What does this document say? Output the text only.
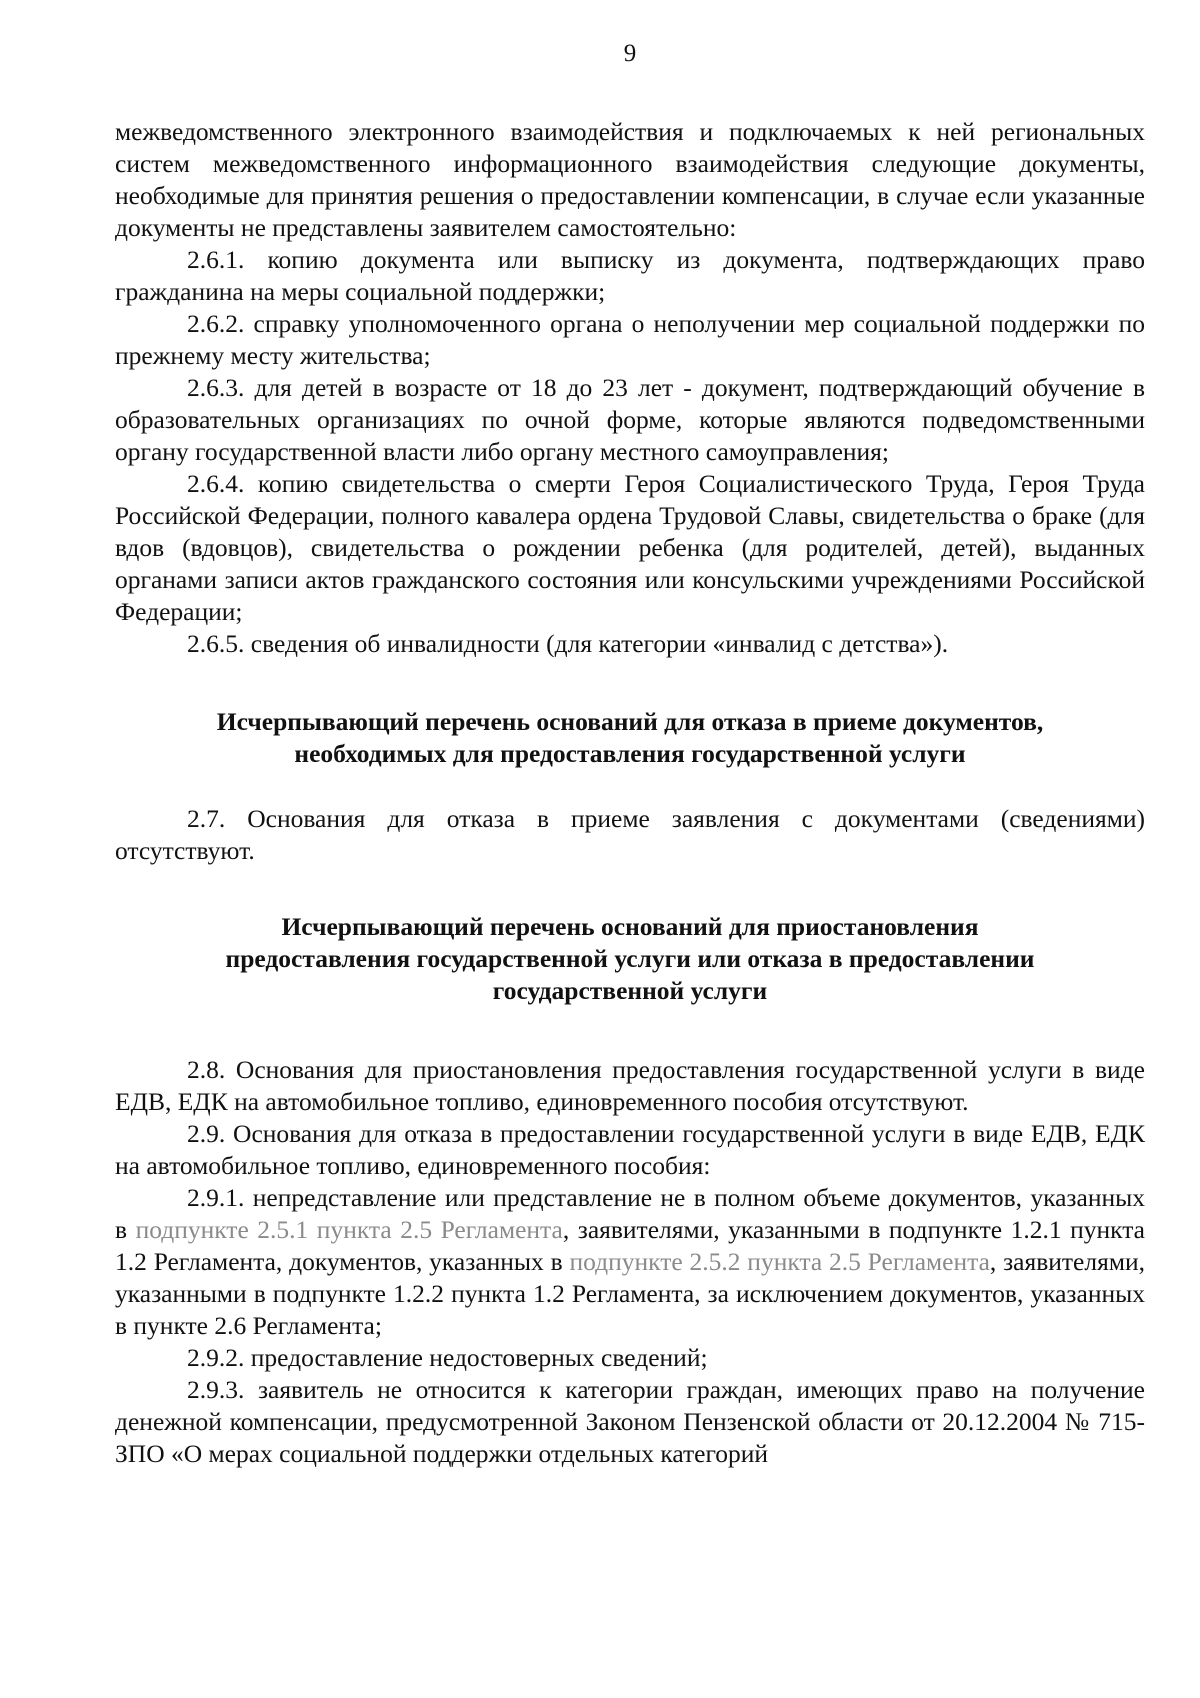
9

межведомственного электронного взаимодействия и подключаемых к ней региональных систем межведомственного информационного взаимодействия следующие документы, необходимые для принятия решения о предоставлении компенсации, в случае если указанные документы не представлены заявителем самостоятельно:

2.6.1. копию документа или выписку из документа, подтверждающих право гражданина на меры социальной поддержки;

2.6.2. справку уполномоченного органа о неполучении мер социальной поддержки по прежнему месту жительства;

2.6.3. для детей в возрасте от 18 до 23 лет - документ, подтверждающий обучение в образовательных организациях по очной форме, которые являются подведомственными органу государственной власти либо органу местного самоуправления;

2.6.4. копию свидетельства о смерти Героя Социалистического Труда, Героя Труда Российской Федерации, полного кавалера ордена Трудовой Славы, свидетельства о браке (для вдов (вдовцов), свидетельства о рождении ребенка (для родителей, детей), выданных органами записи актов гражданского состояния или консульскими учреждениями Российской Федерации;

2.6.5. сведения об инвалидности (для категории «инвалид с детства»).

Исчерпывающий перечень оснований для отказа в приеме документов,
необходимых для предоставления государственной услуги

2.7. Основания для отказа в приеме заявления с документами (сведениями) отсутствуют.

Исчерпывающий перечень оснований для приостановления
предоставления государственной услуги или отказа в предоставлении
государственной услуги

2.8. Основания для приостановления предоставления государственной услуги в виде ЕДВ, ЕДК на автомобильное топливо, единовременного пособия отсутствуют.

2.9. Основания для отказа в предоставлении государственной услуги в виде ЕДВ, ЕДК на автомобильное топливо, единовременного пособия:

2.9.1. непредставление или представление не в полном объеме документов, указанных в подпункте 2.5.1 пункта 2.5 Регламента, заявителями, указанными в подпункте 1.2.1 пункта 1.2 Регламента, документов, указанных в подпункте 2.5.2 пункта 2.5 Регламента, заявителями, указанными в подпункте 1.2.2 пункта 1.2 Регламента, за исключением документов, указанных в пункте 2.6 Регламента;

2.9.2. предоставление недостоверных сведений;

2.9.3. заявитель не относится к категории граждан, имеющих право на получение денежной компенсации, предусмотренной Законом Пензенской области от 20.12.2004 № 715-ЗПО «О мерах социальной поддержки отдельных категорий
